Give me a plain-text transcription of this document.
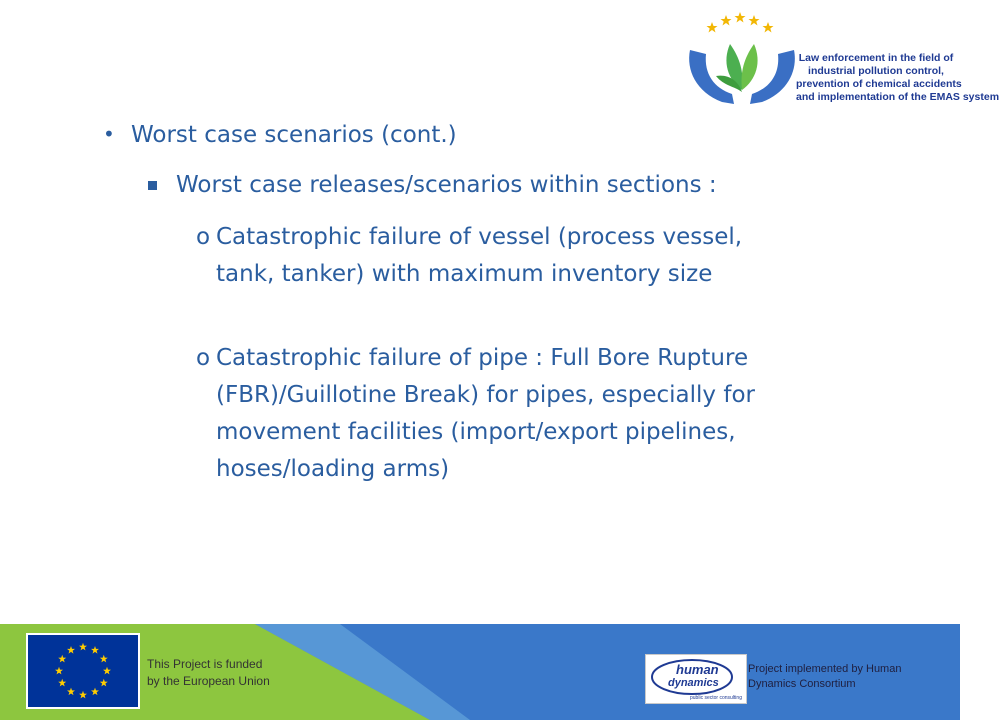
Law enforcement in the field of
industrial pollution control,
prevention of chemical accidents
and implementation of the EMAS system
• Worst case scenarios (cont.)
Worst case releases/scenarios within sections :
o Catastrophic failure of vessel (process vessel, tank, tanker) with maximum inventory size
o Catastrophic failure of pipe : Full Bore Rupture (FBR)/Guillotine Break) for pipes, especially for movement facilities (import/export pipelines, hoses/loading arms)
This Project is funded
by the European Union
human
dynamics
public sector consulting
Project implemented by Human
Dynamics Consortium
